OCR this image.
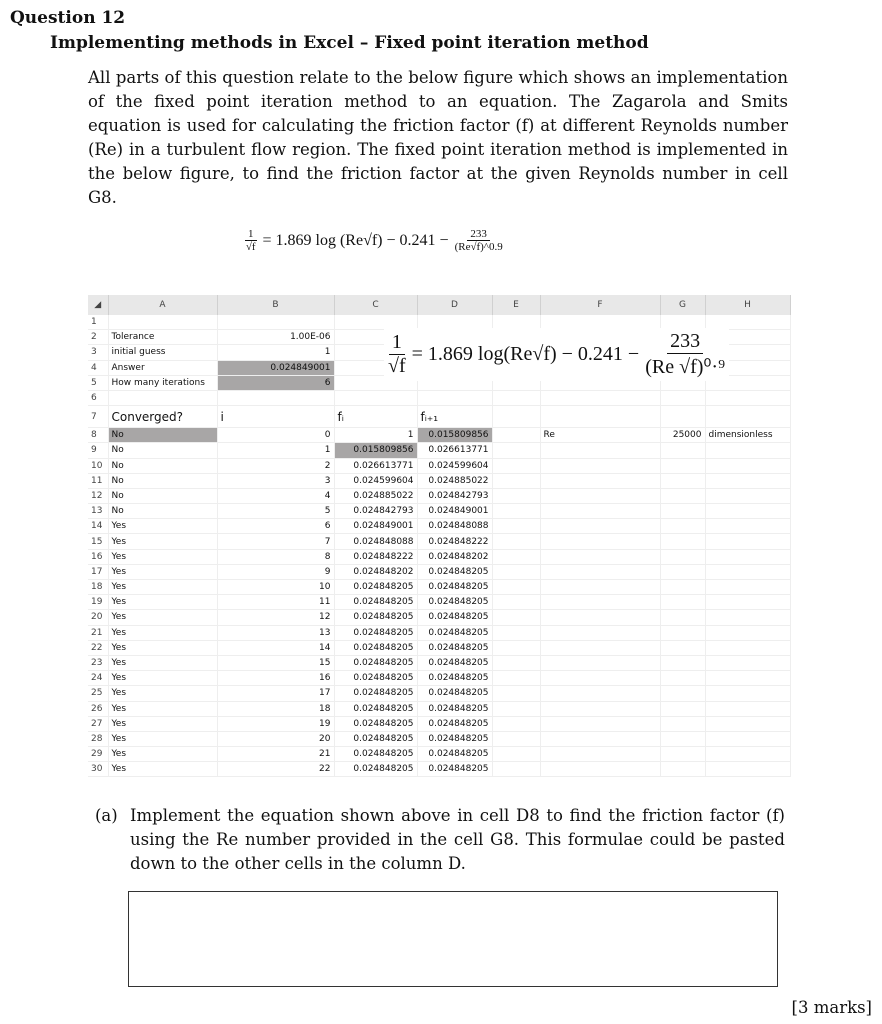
Question 12
Implementing methods in Excel – Fixed point iteration method
All parts of this question relate to the below figure which shows an implementation of the fixed point iteration method to an equation. The Zagarola and Smits equation is used for calculating the friction factor (f) at different Reynolds number (Re) in a turbulent flow region. The fixed point iteration method is implemented in the below figure, to find the friction factor at the given Reynolds number in cell G8.
$\frac{1}{√f} = 1.869$ $\log (Re√f) - 0.241 - \frac{233}{(Re√f)\^{}0.9}$
◢	A	B	C	D	E	F	G	H
1								
2	Tolerance	1.00E-06						
3	initial guess	1						
4	Answer	0.024849001						
5	How many iterations	6						
6								
7	Converged?	i	fᵢ	fᵢ₊₁				
8	No	0	1	0.015809856		Re	25000	dimensionless
9	No	1	0.015809856	0.026613771				
10	No	2	0.026613771	0.024599604				
11	No	3	0.024599604	0.024885022				
12	No	4	0.024885022	0.024842793				
13	No	5	0.024842793	0.024849001				
14	Yes	6	0.024849001	0.024848088				
15	Yes	7	0.024848088	0.024848222				
16	Yes	8	0.024848222	0.024848202				
17	Yes	9	0.024848202	0.024848205				
18	Yes	10	0.024848205	0.024848205				
19	Yes	11	0.024848205	0.024848205				
20	Yes	12	0.024848205	0.024848205				
21	Yes	13	0.024848205	0.024848205				
22	Yes	14	0.024848205	0.024848205				
23	Yes	15	0.024848205	0.024848205				
24	Yes	16	0.024848205	0.024848205				
25	Yes	17	0.024848205	0.024848205				
26	Yes	18	0.024848205	0.024848205				
27	Yes	19	0.024848205	0.024848205				
28	Yes	20	0.024848205	0.024848205				
29	Yes	21	0.024848205	0.024848205				
30	Yes	22	0.024848205	0.024848205				
$\frac{1}{√f} = 1.869$ $\log(Re√f) - 0.241 - \frac{233}{\text{(Re √f)⁰·⁹}}$
(a) Implement the equation shown above in cell D8 to find the friction factor (f) using the Re number provided in the cell G8. This formulae could be pasted down to the other cells in the column D.
[3 marks]
